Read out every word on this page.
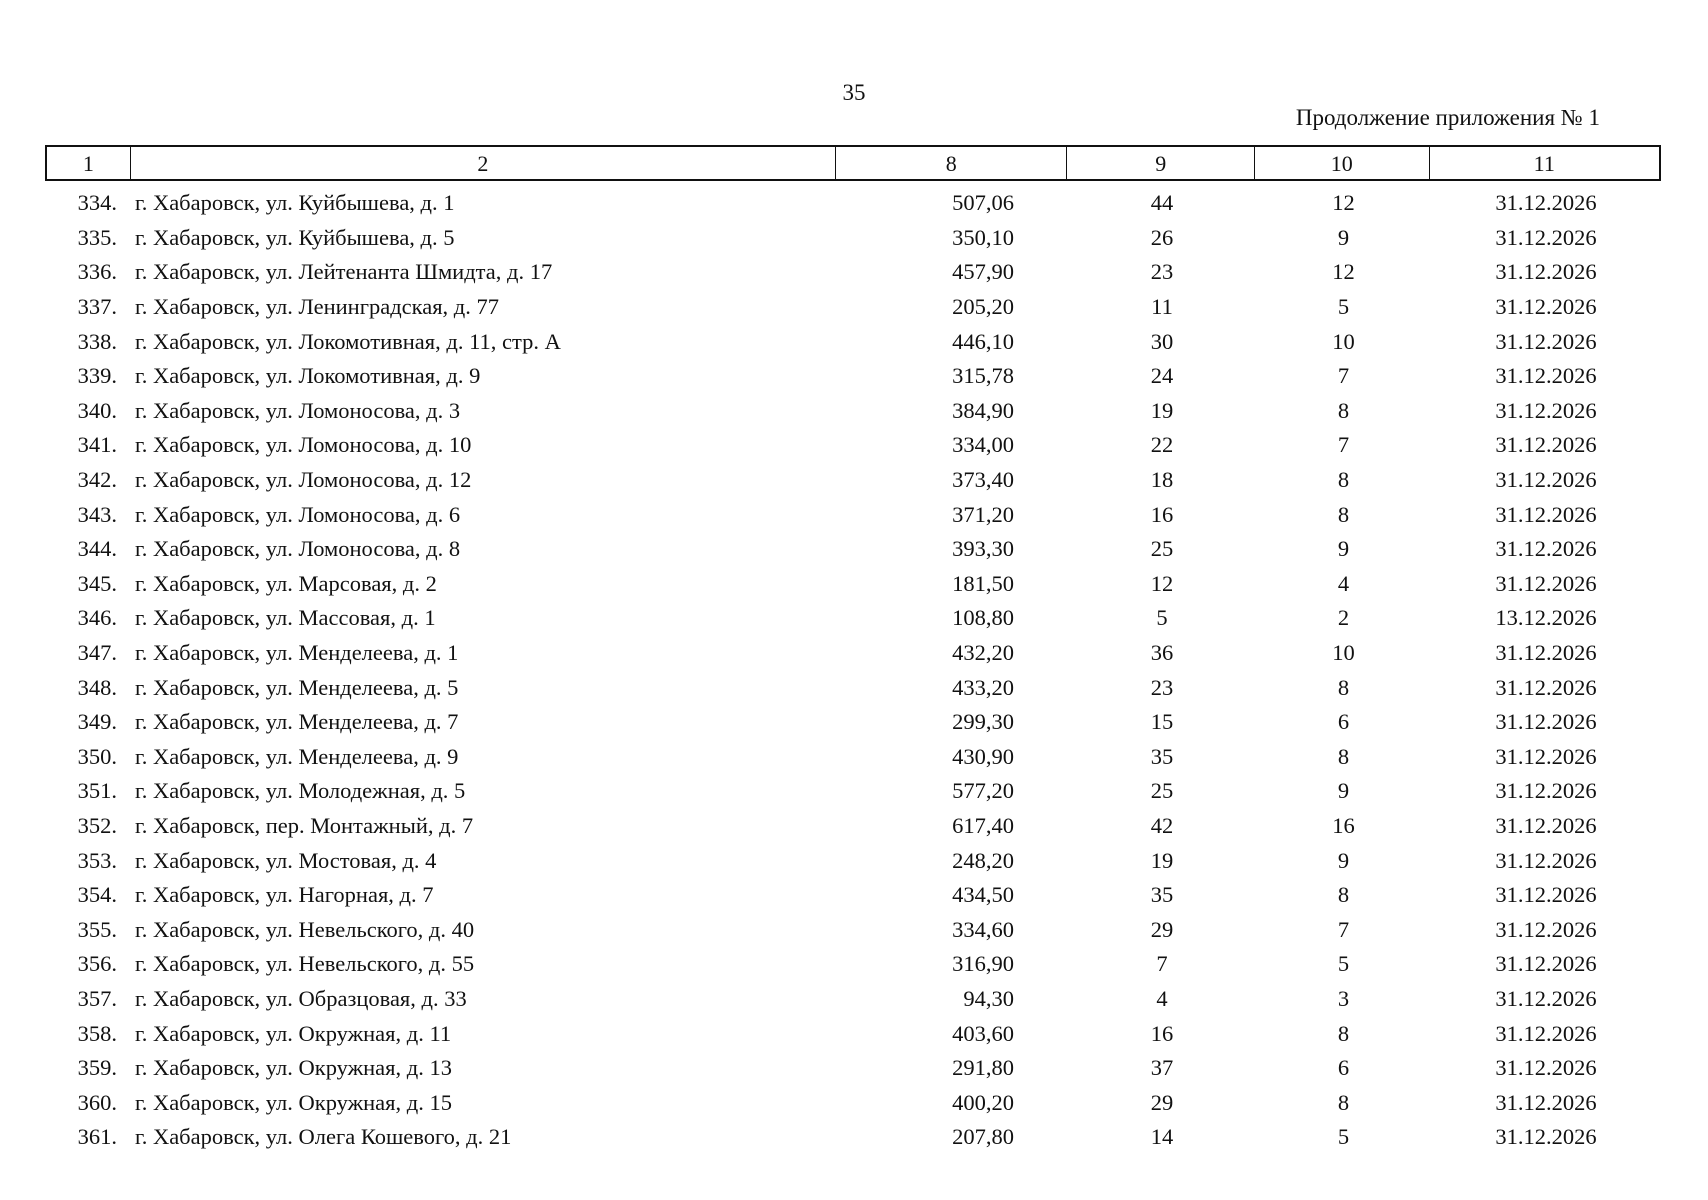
35
Продолжение приложения № 1
1	2	8	9	10	11
334. г. Хабаровск, ул. Куйбышева, д. 1	507,06	44	12	31.12.2026
335. г. Хабаровск, ул. Куйбышева, д. 5	350,10	26	9	31.12.2026
336. г. Хабаровск, ул. Лейтенанта Шмидта, д. 17	457,90	23	12	31.12.2026
337. г. Хабаровск, ул. Ленинградская, д. 77	205,20	11	5	31.12.2026
338. г. Хабаровск, ул. Локомотивная, д. 11, стр. А	446,10	30	10	31.12.2026
339. г. Хабаровск, ул. Локомотивная, д. 9	315,78	24	7	31.12.2026
340. г. Хабаровск, ул. Ломоносова, д. 3	384,90	19	8	31.12.2026
341. г. Хабаровск, ул. Ломоносова, д. 10	334,00	22	7	31.12.2026
342. г. Хабаровск, ул. Ломоносова, д. 12	373,40	18	8	31.12.2026
343. г. Хабаровск, ул. Ломоносова, д. 6	371,20	16	8	31.12.2026
344. г. Хабаровск, ул. Ломоносова, д. 8	393,30	25	9	31.12.2026
345. г. Хабаровск, ул. Марсовая, д. 2	181,50	12	4	31.12.2026
346. г. Хабаровск, ул. Массовая, д. 1	108,80	5	2	13.12.2026
347. г. Хабаровск, ул. Менделеева, д. 1	432,20	36	10	31.12.2026
348. г. Хабаровск, ул. Менделеева, д. 5	433,20	23	8	31.12.2026
349. г. Хабаровск, ул. Менделеева, д. 7	299,30	15	6	31.12.2026
350. г. Хабаровск, ул. Менделеева, д. 9	430,90	35	8	31.12.2026
351. г. Хабаровск, ул. Молодежная, д. 5	577,20	25	9	31.12.2026
352. г. Хабаровск, пер. Монтажный, д. 7	617,40	42	16	31.12.2026
353. г. Хабаровск, ул. Мостовая, д. 4	248,20	19	9	31.12.2026
354. г. Хабаровск, ул. Нагорная, д. 7	434,50	35	8	31.12.2026
355. г. Хабаровск, ул. Невельского, д. 40	334,60	29	7	31.12.2026
356. г. Хабаровск, ул. Невельского, д. 55	316,90	7	5	31.12.2026
357. г. Хабаровск, ул. Образцовая, д. 33	94,30	4	3	31.12.2026
358. г. Хабаровск, ул. Окружная, д. 11	403,60	16	8	31.12.2026
359. г. Хабаровск, ул. Окружная, д. 13	291,80	37	6	31.12.2026
360. г. Хабаровск, ул. Окружная, д. 15	400,20	29	8	31.12.2026
361. г. Хабаровск, ул. Олега Кошевого, д. 21	207,80	14	5	31.12.2026
